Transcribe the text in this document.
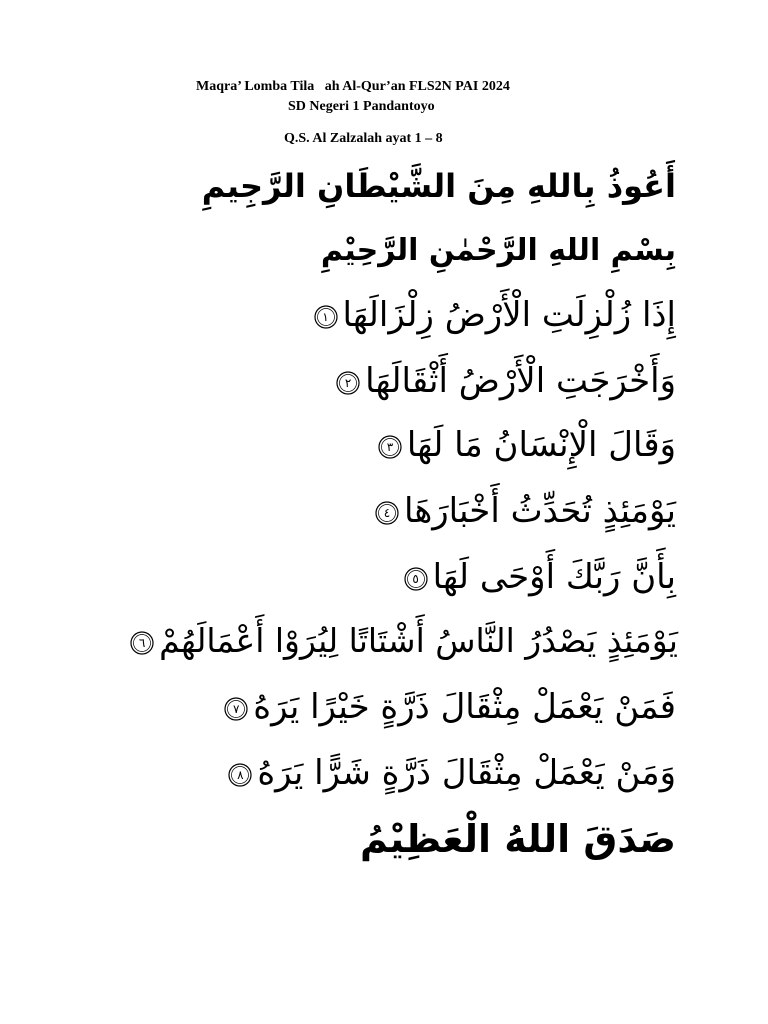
Maqra’ Lomba Tila   ah Al-Qur’an FLS2N PAI 2024
SD Negeri 1 Pandantoyo
Q.S. Al Zalzalah ayat 1 – 8
أَعُوذُ بِاللهِ مِنَ الشَّيْطَانِ الرَّجِيمِ
بِسْمِ اللهِ الرَّحْمٰنِ الرَّحِيْمِ
إِذَا زُلْزِلَتِ الْأَرْضُ زِلْزَالَهَا
١
وَأَخْرَجَتِ الْأَرْضُ أَثْقَالَهَا
٢
وَقَالَ الْإِنْسَانُ مَا لَهَا
٣
يَوْمَئِذٍ تُحَدِّثُ أَخْبَارَهَا
٤
بِأَنَّ رَبَّكَ أَوْحَى لَهَا
٥
يَوْمَئِذٍ يَصْدُرُ النَّاسُ أَشْتَاتًا لِيُرَوْا أَعْمَالَهُمْ
٦
فَمَنْ يَعْمَلْ مِثْقَالَ ذَرَّةٍ خَيْرًا يَرَهُ
٧
وَمَنْ يَعْمَلْ مِثْقَالَ ذَرَّةٍ شَرًّا يَرَهُ
٨
صَدَقَ اللهُ الْعَظِيْمُ
